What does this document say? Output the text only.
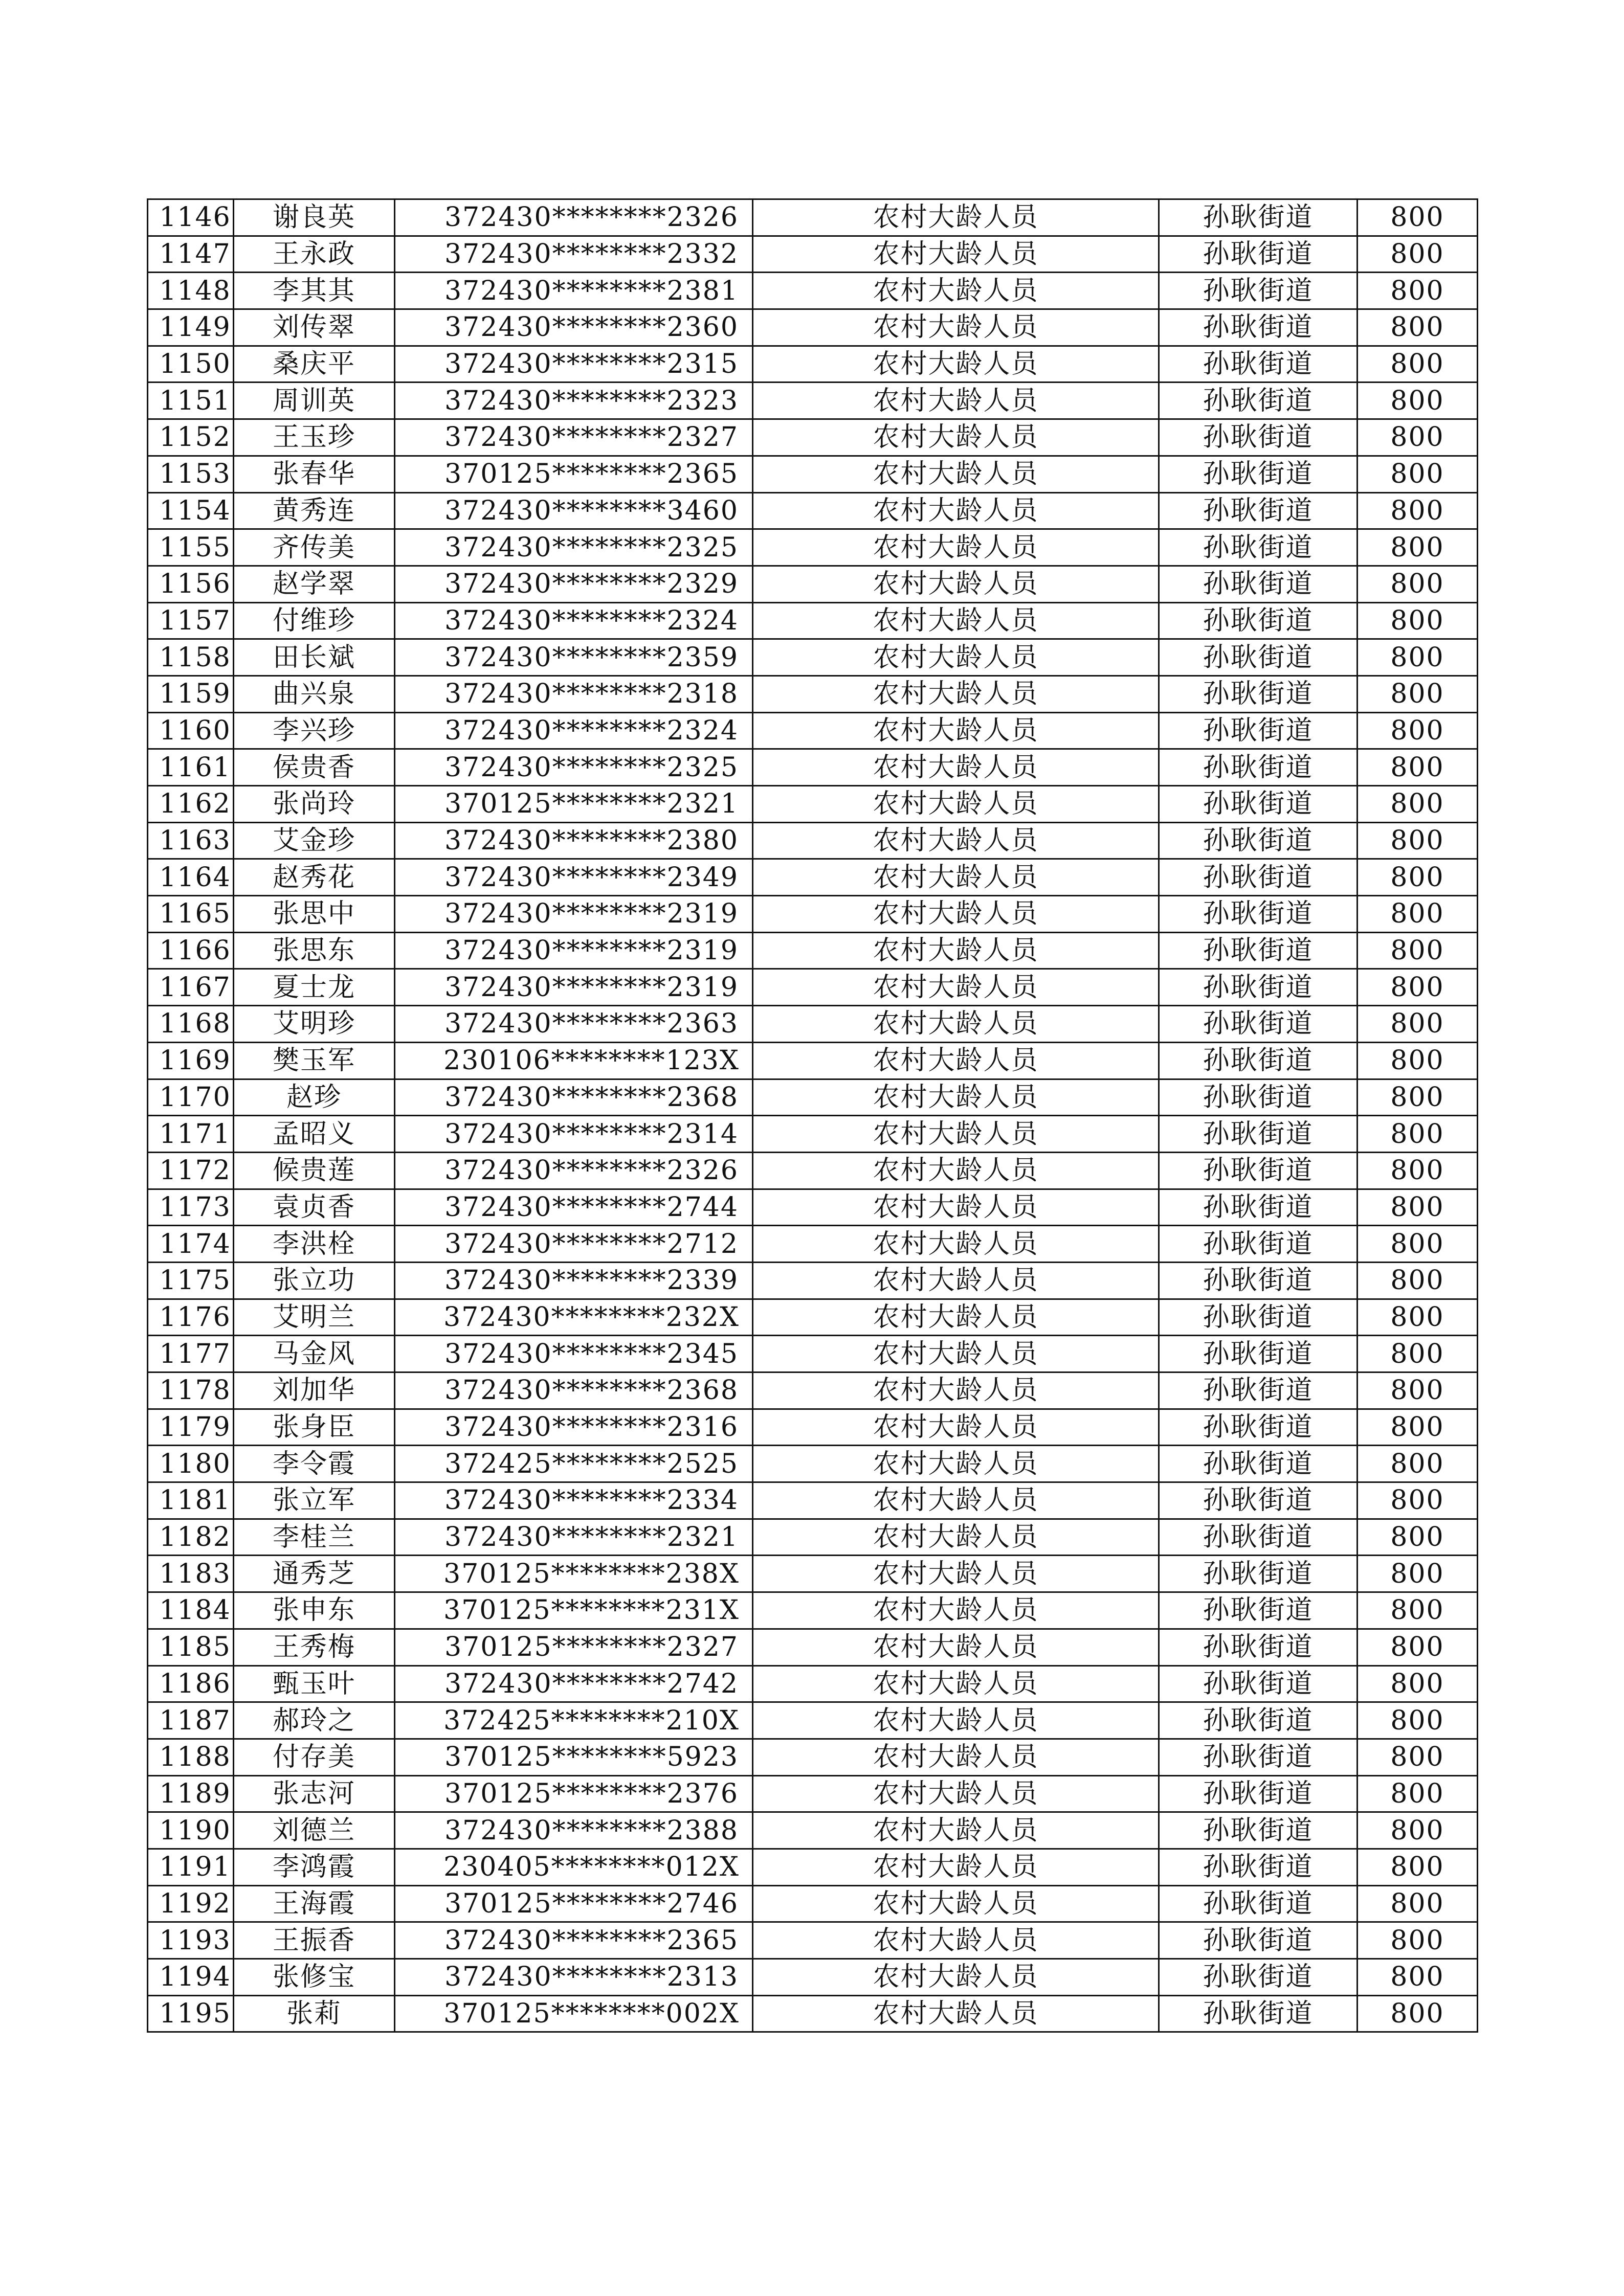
1146	谢良英	372430********2326	农村大龄人员	孙耿街道	800
1147	王永政	372430********2332	农村大龄人员	孙耿街道	800
1148	李其其	372430********2381	农村大龄人员	孙耿街道	800
1149	刘传翠	372430********2360	农村大龄人员	孙耿街道	800
1150	桑庆平	372430********2315	农村大龄人员	孙耿街道	800
1151	周训英	372430********2323	农村大龄人员	孙耿街道	800
1152	王玉珍	372430********2327	农村大龄人员	孙耿街道	800
1153	张春华	370125********2365	农村大龄人员	孙耿街道	800
1154	黄秀连	372430********3460	农村大龄人员	孙耿街道	800
1155	齐传美	372430********2325	农村大龄人员	孙耿街道	800
1156	赵学翠	372430********2329	农村大龄人员	孙耿街道	800
1157	付维珍	372430********2324	农村大龄人员	孙耿街道	800
1158	田长斌	372430********2359	农村大龄人员	孙耿街道	800
1159	曲兴泉	372430********2318	农村大龄人员	孙耿街道	800
1160	李兴珍	372430********2324	农村大龄人员	孙耿街道	800
1161	侯贵香	372430********2325	农村大龄人员	孙耿街道	800
1162	张尚玲	370125********2321	农村大龄人员	孙耿街道	800
1163	艾金珍	372430********2380	农村大龄人员	孙耿街道	800
1164	赵秀花	372430********2349	农村大龄人员	孙耿街道	800
1165	张思中	372430********2319	农村大龄人员	孙耿街道	800
1166	张思东	372430********2319	农村大龄人员	孙耿街道	800
1167	夏士龙	372430********2319	农村大龄人员	孙耿街道	800
1168	艾明珍	372430********2363	农村大龄人员	孙耿街道	800
1169	樊玉军	230106********123X	农村大龄人员	孙耿街道	800
1170	赵珍	372430********2368	农村大龄人员	孙耿街道	800
1171	孟昭义	372430********2314	农村大龄人员	孙耿街道	800
1172	候贵莲	372430********2326	农村大龄人员	孙耿街道	800
1173	袁贞香	372430********2744	农村大龄人员	孙耿街道	800
1174	李洪栓	372430********2712	农村大龄人员	孙耿街道	800
1175	张立功	372430********2339	农村大龄人员	孙耿街道	800
1176	艾明兰	372430********232X	农村大龄人员	孙耿街道	800
1177	马金风	372430********2345	农村大龄人员	孙耿街道	800
1178	刘加华	372430********2368	农村大龄人员	孙耿街道	800
1179	张身臣	372430********2316	农村大龄人员	孙耿街道	800
1180	李令霞	372425********2525	农村大龄人员	孙耿街道	800
1181	张立军	372430********2334	农村大龄人员	孙耿街道	800
1182	李桂兰	372430********2321	农村大龄人员	孙耿街道	800
1183	通秀芝	370125********238X	农村大龄人员	孙耿街道	800
1184	张申东	370125********231X	农村大龄人员	孙耿街道	800
1185	王秀梅	370125********2327	农村大龄人员	孙耿街道	800
1186	甄玉叶	372430********2742	农村大龄人员	孙耿街道	800
1187	郝玲之	372425********210X	农村大龄人员	孙耿街道	800
1188	付存美	370125********5923	农村大龄人员	孙耿街道	800
1189	张志河	370125********2376	农村大龄人员	孙耿街道	800
1190	刘德兰	372430********2388	农村大龄人员	孙耿街道	800
1191	李鸿霞	230405********012X	农村大龄人员	孙耿街道	800
1192	王海霞	370125********2746	农村大龄人员	孙耿街道	800
1193	王振香	372430********2365	农村大龄人员	孙耿街道	800
1194	张修宝	372430********2313	农村大龄人员	孙耿街道	800
1195	张莉	370125********002X	农村大龄人员	孙耿街道	800
